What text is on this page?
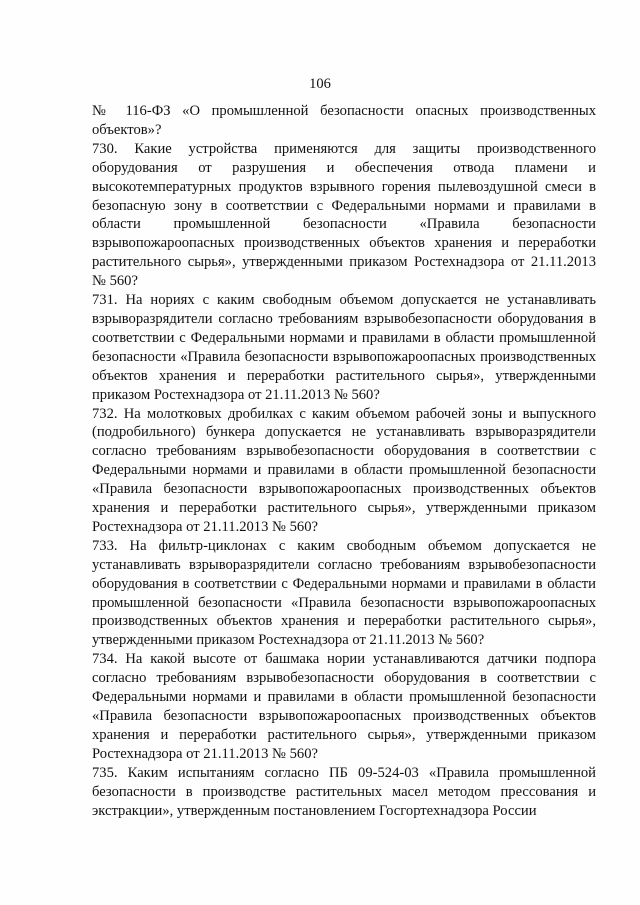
106

№ 116-ФЗ «О промышленной безопасности опасных производственных объектов»?

730. Какие устройства применяются для защиты производственного оборудования от разрушения и обеспечения отвода пламени и высокотемпературных продуктов взрывного горения пылевоздушной смеси в безопасную зону в соответствии с Федеральными нормами и правилами в области промышленной безопасности «Правила безопасности взрывопожароопасных производственных объектов хранения и переработки растительного сырья», утвержденными приказом Ростехнадзора от 21.11.2013 № 560?

731. На нориях с каким свободным объемом допускается не устанавливать взрыворазрядители согласно требованиям взрывобезопасности оборудования в соответствии с Федеральными нормами и правилами в области промышленной безопасности «Правила безопасности взрывопожароопасных производственных объектов хранения и переработки растительного сырья», утвержденными приказом Ростехнадзора от 21.11.2013 № 560?

732. На молотковых дробилках с каким объемом рабочей зоны и выпускного (подробильного) бункера допускается не устанавливать взрыворазрядители согласно требованиям взрывобезопасности оборудования в соответствии с Федеральными нормами и правилами в области промышленной безопасности «Правила безопасности взрывопожароопасных производственных объектов хранения и переработки растительного сырья», утвержденными приказом Ростехнадзора от 21.11.2013 № 560?

733. На фильтр-циклонах с каким свободным объемом допускается не устанавливать взрыворазрядители согласно требованиям взрывобезопасности оборудования в соответствии с Федеральными нормами и правилами в области промышленной безопасности «Правила безопасности взрывопожароопасных производственных объектов хранения и переработки растительного сырья», утвержденными приказом Ростехнадзора от 21.11.2013 № 560?

734. На какой высоте от башмака нории устанавливаются датчики подпора согласно требованиям взрывобезопасности оборудования в соответствии с Федеральными нормами и правилами в области промышленной безопасности «Правила безопасности взрывопожароопасных производственных объектов хранения и переработки растительного сырья», утвержденными приказом Ростехнадзора от 21.11.2013 № 560?

735. Каким испытаниям согласно ПБ 09-524-03 «Правила промышленной безопасности в производстве растительных масел методом прессования и экстракции», утвержденным постановлением Госгортехнадзора России
